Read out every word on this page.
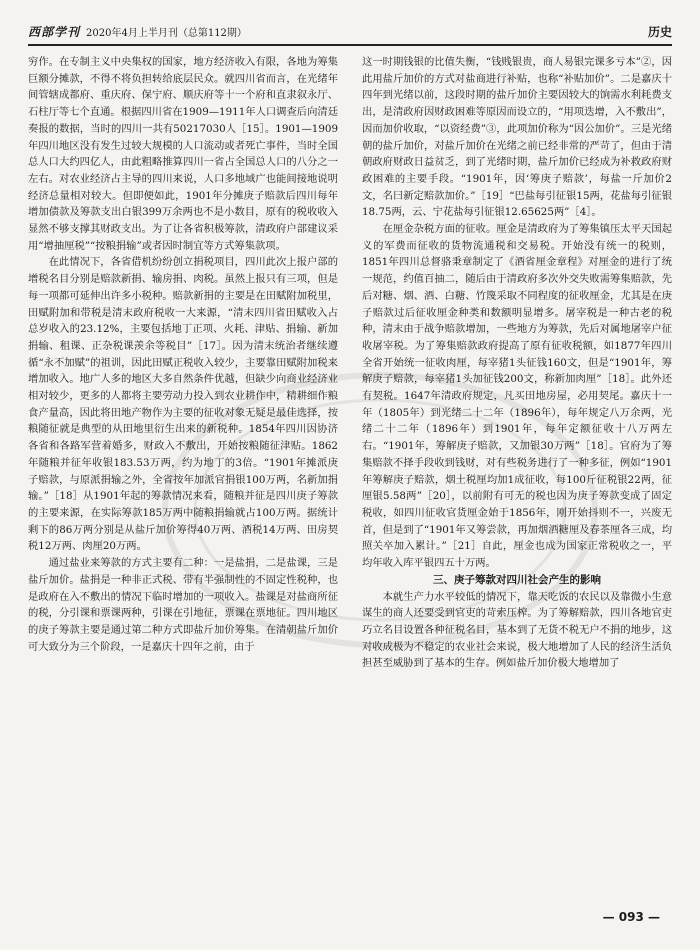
西部学刊 2020年4月上半月刊（总第112期）	历史

穷作。在专制主义中央集权的国家，地方经济收入有限，各地为筹集巨额分摊款，不得不将负担转给底层民众。就四川省而言，在光绪年间管辖成都府、重庆府、保宁府、顺庆府等十一个府和直隶叙永厅、石柱厅等七个直通。根据四川省在1909—1911年人口调查后向清廷奏报的数据，当时的四川一共有50217030人［15］。1901—1909年四川地区没有发生过较大规模的人口流动或者死亡事件，当时全国总人口大约四亿人，由此粗略推算四川一省占全国总人口的八分之一左右。对农业经济占主导的四川来说，人口多地域广也能间接地说明经济总量相对较大。但即便如此，1901年分摊庚子赔款后四川每年增加债款及筹款支出白银399万余两也不是小数目，原有的税收收入显然不够支撑其财政支出。为了让各省积极筹款，清政府户部建议采用“增抽厘税”“按粮捐输”或者因时制宜等方式筹集款项。

在此情况下，各省借机纷纷创立捐税项目，四川此次上报户部的增税名目分别是赔款新捐、输房捐、肉税。虽然上报只有三项，但是每一项都可延伸出许多小税种。赔款新捐的主要是在田赋附加税里，田赋附加和带税是清末政府税收一大来源，“清末四川省田赋收入占总岁收入的23.12%，主要包括地丁正项、火耗、津贴、捐输、新加捐输、租课、正杂税课羡余等税目”［17］。因为清末统治者继续遵循“永不加赋”的祖训，因此田赋正税收入较少，主要靠田赋附加税来增加收入。地广人多的地区大多自然条件优越，但缺少向商业经济业相对较少，更多的人都将主要劳动力投入到农业耕作中，精耕细作粮食产量高，因此将田地产物作为主要的征收对象无疑是最佳选择，按粮随征就是典型的从田地里衍生出来的新税种。1854年四川因协济各省和各路军营着婚多，财政入不敷出，开始按粮随征津贴。1862年随粮并征年收银183.53万两，约为地丁的3倍。“1901年摊派庚子赔款，与原派捐输之外，全省按年加派官捐银100万两，名新加捐输。”［18］从1901年起的筹款情况来看，随粮并征是四川庚子筹款的主要来源，在实际筹款185万两中随粮捐输就占100万两。据统计剩下的86万两分别是从盐斤加价筹得40万两、酒税14万两、田房契税12万两、肉厘20万两。

通过盐业来筹款的方式主要有二种：一是盐捐，二是盐课，三是盐斤加价。盐捐是一种非正式税、带有半强制性的不固定性税种，也是政府在入不敷出的情况下临时增加的一项收入。盐课是对盐商所征的税，分引课和票课两种，引课在引地征，票课在票地征。四川地区的庚子筹款主要是通过第二种方式即盐斤加价筹集。在清朝盐斤加价可大致分为三个阶段，一是嘉庆十四年之前，由于

这一时期钱银的比值失衡，“钱贱银贵，商人易银完课多亏本”②，因此用盐斤加价的方式对盐商进行补贴，也称“补贴加价”。二是嘉庆十四年到光绪以前，这段时期的盐斤加价主要因较大的饷需水利耗费支出，是清政府因财政困难等原因而设立的，“用项迭增，入不敷出”，因而加价收取，“以资经费”③，此项加价称为“因公加价”。三是光绪朝的盐斤加价，对盐斤加价在光绪之前已经非常的严苛了，但由于清朝政府财政日益贫乏，到了光绪时期，盐斤加价已经成为补救政府财政困难的主要手段。“1901年，因‘筹庚子赔款’，每盐一斤加价2文，名曰新定赔款加价。”［19］“巴盐每引征银15两，花盐每引征银18.75两，云、宁花盐每引征银12.65625两”［4］。

在厘金杂税方面的征收。厘金是清政府为了筹集镇压太平天国起义的军费而征收的货物流通税和交易税。开始没有统一的税则，1851年四川总督骆秉章制定了《酒省厘金章程》对厘金的进行了统一规范，约值百抽二，随后由于清政府多次外交失败需筹集赔款，先后对糖、烟、酒、白糖、竹篾采取不同程度的征收厘金，尤其是在庚子赔款过后征收厘金种类和数额明显增多。屠宰税是一种古老的税种，清末由于战争赔款增加，一些地方为筹款，先后对属地屠宰户征收屠宰税。为了筹集赔款政府提高了原有征收税额，如1877年四川全省开始统一征收肉厘，每宰猪1头征钱160文，但是“1901年，筹解庚子赔款，每宰猪1头加征钱200文，称新加肉厘”［18］。此外还有契税。1647年清政府规定，凡买田地房屋，必用契尾。嘉庆十一年（1805年）到光绪二十二年（1896年），每年规定八万余两，光绪二十二年（1896年）到1901年，每年定额征收十八万两左右。“1901年，筹解庚子赔款，又加银30万两”［18］。官府为了筹集赔款不择手段收到钱财，对有些税务进行了一种多征，例如“1901年筹解庚子赔款，烟土税厘均加1成征收，每100斤征税银22两，征厘银5.58两”［20］，以前附有可无的税也因为庚子筹款变成了固定税收，如四川征收官货厘金始于1856年，刚开始抖则不一，兴废无首，但是到了“1901年又筹尝款，再加烟酒糖厘及春茶厘各三成，均照关卒加入累计。”［21］自此，厘金也成为国家正常税收之一，平均年收入库平银四五十万两。

三、庚子筹款对四川社会产生的影响

本就生产力水平较低的情况下，靠天吃饭的农民以及靠微小生意谋生的商人还要受到官吏的苛索压榨。为了筹解赔款，四川各地官吏巧立名目设置各种征税名目，基本到了无货不税无户不捐的地步，这对收成极为不稳定的农业社会来说，极大地增加了人民的经济生活负担甚至威胁到了基本的生存。例如盐斤加价极大地增加了

— 093 —
